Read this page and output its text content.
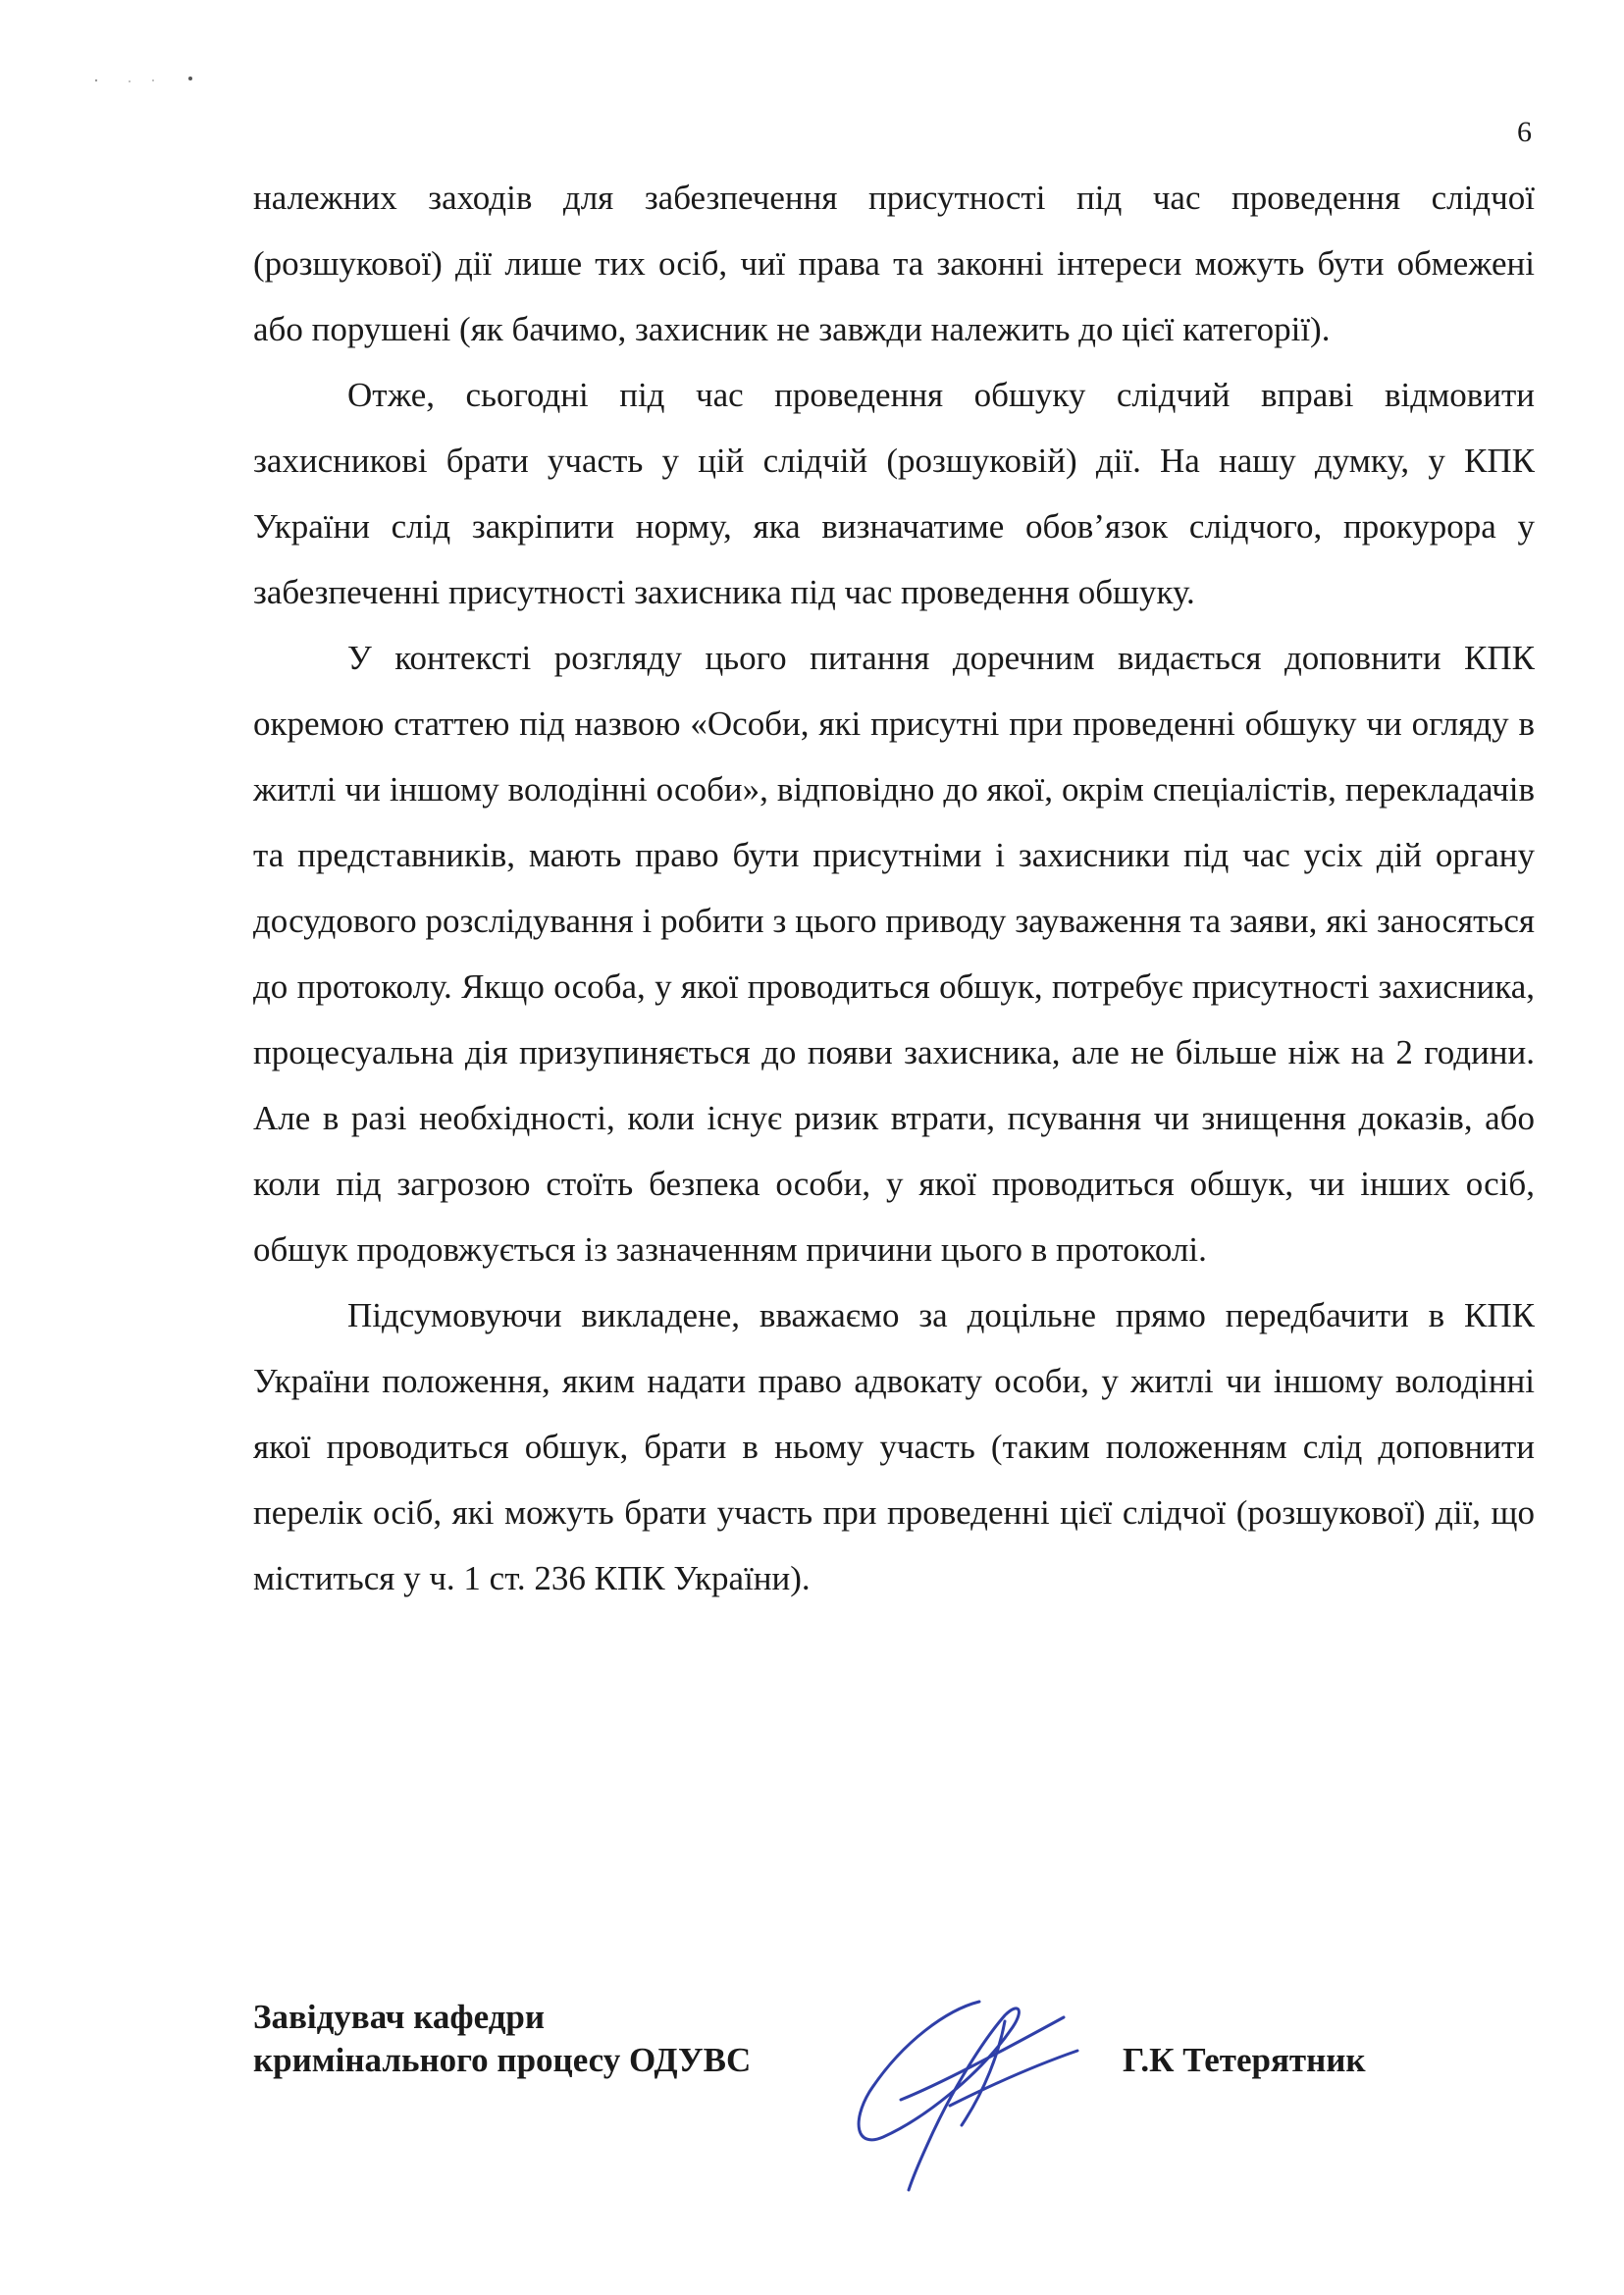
6

належних заходів для забезпечення присутності під час проведення слідчої (розшукової) дії лише тих осіб, чиї права та законні інтереси можуть бути обмежені або порушені (як бачимо, захисник не завжди належить до цієї категорії).

Отже, сьогодні під час проведення обшуку слідчий вправі відмовити захисникові брати участь у цій слідчій (розшуковій) дії. На нашу думку, у КПК України слід закріпити норму, яка визначатиме обов’язок слідчого, прокурора у забезпеченні присутності захисника під час проведення обшуку.

У контексті розгляду цього питання доречним видається доповнити КПК окремою статтею під назвою «Особи, які присутні при проведенні обшуку чи огляду в житлі чи іншому володінні особи», відповідно до якої, окрім спеціалістів, перекладачів та представників, мають право бути присутніми і захисники під час усіх дій органу досудового розслідування і робити з цього приводу зауваження та заяви, які заносяться до протоколу. Якщо особа, у якої проводиться обшук, потребує присутності захисника, процесуальна дія призупиняється до появи захисника, але не більше ніж на 2 години. Але в разі необхідності, коли існує ризик втрати, псування чи знищення доказів, або коли під загрозою стоїть безпека особи, у якої проводиться обшук, чи інших осіб, обшук продовжується із зазначенням причини цього в протоколі.

Підсумовуючи викладене, вважаємо за доцільне прямо передбачити в КПК України положення, яким надати право адвокату особи, у житлі чи іншому володінні якої проводиться обшук, брати в ньому участь (таким положенням слід доповнити перелік осіб, які можуть брати участь при проведенні цієї слідчої (розшукової) дії, що міститься у ч. 1 ст. 236 КПК України).

Завідувач кафедри
кримінального процесу ОДУВС	Г.К Тетерятник
